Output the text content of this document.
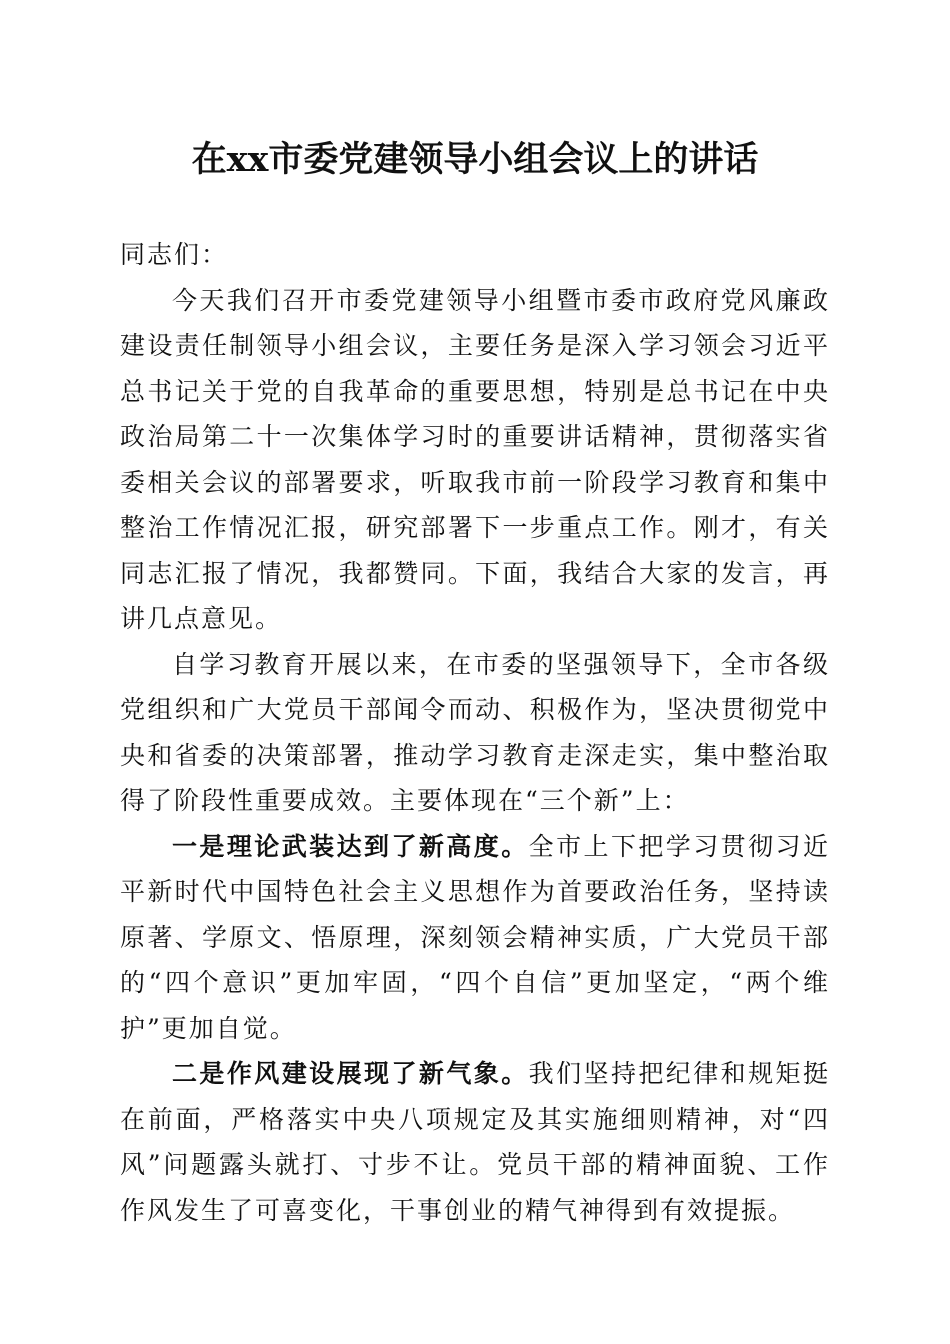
在xx市委党建领导小组会议上的讲话

同志们：

今天我们召开市委党建领导小组暨市委市政府党风廉政建设责任制领导小组会议，主要任务是深入学习领会习近平总书记关于党的自我革命的重要思想，特别是总书记在中央政治局第二十一次集体学习时的重要讲话精神，贯彻落实省委相关会议的部署要求，听取我市前一阶段学习教育和集中整治工作情况汇报，研究部署下一步重点工作。刚才，有关同志汇报了情况，我都赞同。下面，我结合大家的发言，再讲几点意见。

自学习教育开展以来，在市委的坚强领导下，全市各级党组织和广大党员干部闻令而动、积极作为，坚决贯彻党中央和省委的决策部署，推动学习教育走深走实，集中整治取得了阶段性重要成效。主要体现在“三个新”上：

一是理论武装达到了新高度。全市上下把学习贯彻习近平新时代中国特色社会主义思想作为首要政治任务，坚持读原著、学原文、悟原理，深刻领会精神实质，广大党员干部的“四个意识”更加牢固，“四个自信”更加坚定，“两个维护”更加自觉。

二是作风建设展现了新气象。我们坚持把纪律和规矩挺在前面，严格落实中央八项规定及其实施细则精神，对“四风”问题露头就打、寸步不让。党员干部的精神面貌、工作作风发生了可喜变化，干事创业的精气神得到有效提振。
